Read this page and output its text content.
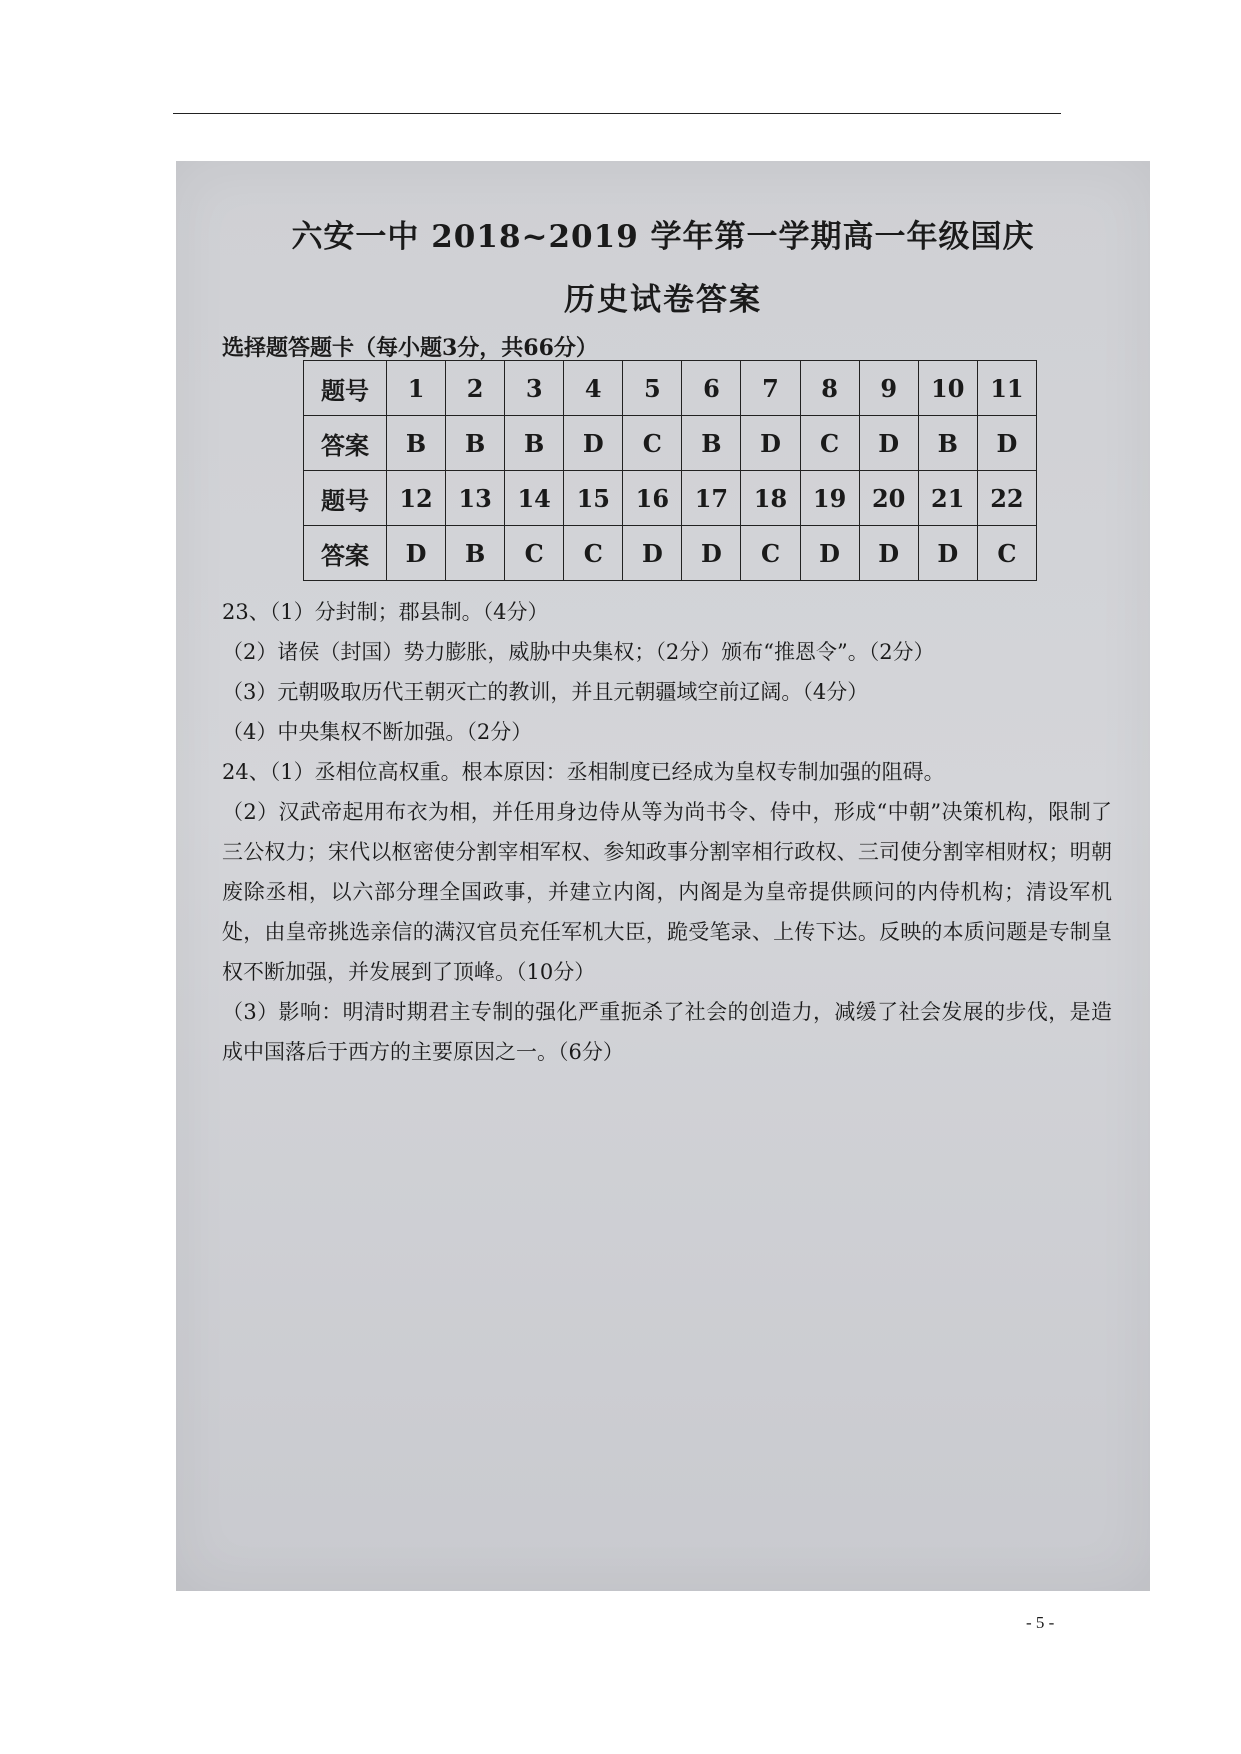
六安一中 2018~2019 学年第一学期高一年级国庆
历史试卷答案
选择题答题卡（每小题3分，共66分）
题号	1	2	3	4	5	6	7	8	9	10	11
答案	B	B	B	D	C	B	D	C	D	B	D
题号	12	13	14	15	16	17	18	19	20	21	22
答案	D	B	C	C	D	D	C	D	D	D	C
23、（1）分封制；郡县制。（4分）
（2）诸侯（封国）势力膨胀，威胁中央集权；（2分）颁布“推恩令”。（2分）
（3）元朝吸取历代王朝灭亡的教训，并且元朝疆域空前辽阔。（4分）
（4）中央集权不断加强。（2分）
24、（1）丞相位高权重。根本原因：丞相制度已经成为皇权专制加强的阻碍。
（2）汉武帝起用布衣为相，并任用身边侍从等为尚书令、侍中，形成“中朝”决策机构，限制了三公权力；宋代以枢密使分割宰相军权、参知政事分割宰相行政权、三司使分割宰相财权；明朝废除丞相，以六部分理全国政事，并建立内阁，内阁是为皇帝提供顾问的内侍机构；清设军机处，由皇帝挑选亲信的满汉官员充任军机大臣，跪受笔录、上传下达。反映的本质问题是专制皇权不断加强，并发展到了顶峰。（10分）
（3）影响：明清时期君主专制的强化严重扼杀了社会的创造力，减缓了社会发展的步伐，是造成中国落后于西方的主要原因之一。（6分）
- 5 -
